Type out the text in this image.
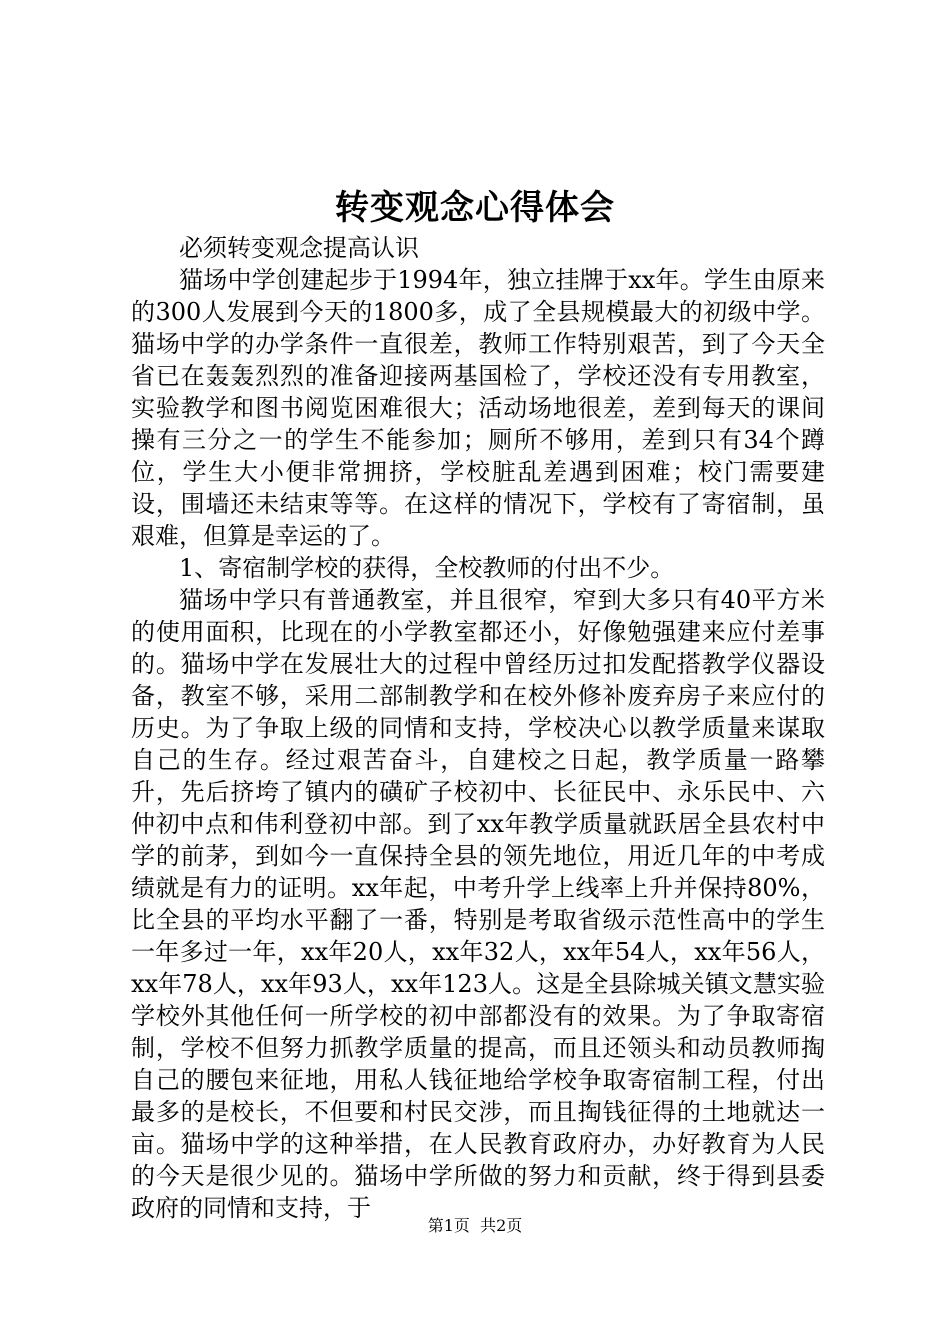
转变观念心得体会

必须转变观念提高认识

猫场中学创建起步于1994年，独立挂牌于xx年。学生由原来的300人发展到今天的1800多，成了全县规模最大的初级中学。猫场中学的办学条件一直很差，教师工作特别艰苦，到了今天全省已在轰轰烈烈的准备迎接两基国检了，学校还没有专用教室，实验教学和图书阅览困难很大；活动场地很差，差到每天的课间操有三分之一的学生不能参加；厕所不够用，差到只有34个蹲位，学生大小便非常拥挤，学校脏乱差遇到困难；校门需要建设，围墙还未结束等等。在这样的情况下，学校有了寄宿制，虽艰难，但算是幸运的了。

1、寄宿制学校的获得，全校教师的付出不少。

猫场中学只有普通教室，并且很窄，窄到大多只有40平方米的使用面积，比现在的小学教室都还小，好像勉强建来应付差事的。猫场中学在发展壮大的过程中曾经历过扣发配搭教学仪器设备，教室不够，采用二部制教学和在校外修补废弃房子来应付的历史。为了争取上级的同情和支持，学校决心以教学质量来谋取自己的生存。经过艰苦奋斗，自建校之日起，教学质量一路攀升，先后挤垮了镇内的磺矿子校初中、长征民中、永乐民中、六仲初中点和伟利登初中部。到了xx年教学质量就跃居全县农村中学的前茅，到如今一直保持全县的领先地位，用近几年的中考成绩就是有力的证明。xx年起，中考升学上线率上升并保持80%，比全县的平均水平翻了一番，特别是考取省级示范性高中的学生一年多过一年，xx年20人，xx年32人，xx年54人，xx年56人，xx年78人，xx年93人，xx年123人。这是全县除城关镇文慧实验学校外其他任何一所学校的初中部都没有的效果。为了争取寄宿制，学校不但努力抓教学质量的提高，而且还领头和动员教师掏自己的腰包来征地，用私人钱征地给学校争取寄宿制工程，付出最多的是校长，不但要和村民交涉，而且掏钱征得的土地就达一亩。猫场中学的这种举措，在人民教育政府办，办好教育为人民的今天是很少见的。猫场中学所做的努力和贡献，终于得到县委政府的同情和支持，于

第1页  共2页
